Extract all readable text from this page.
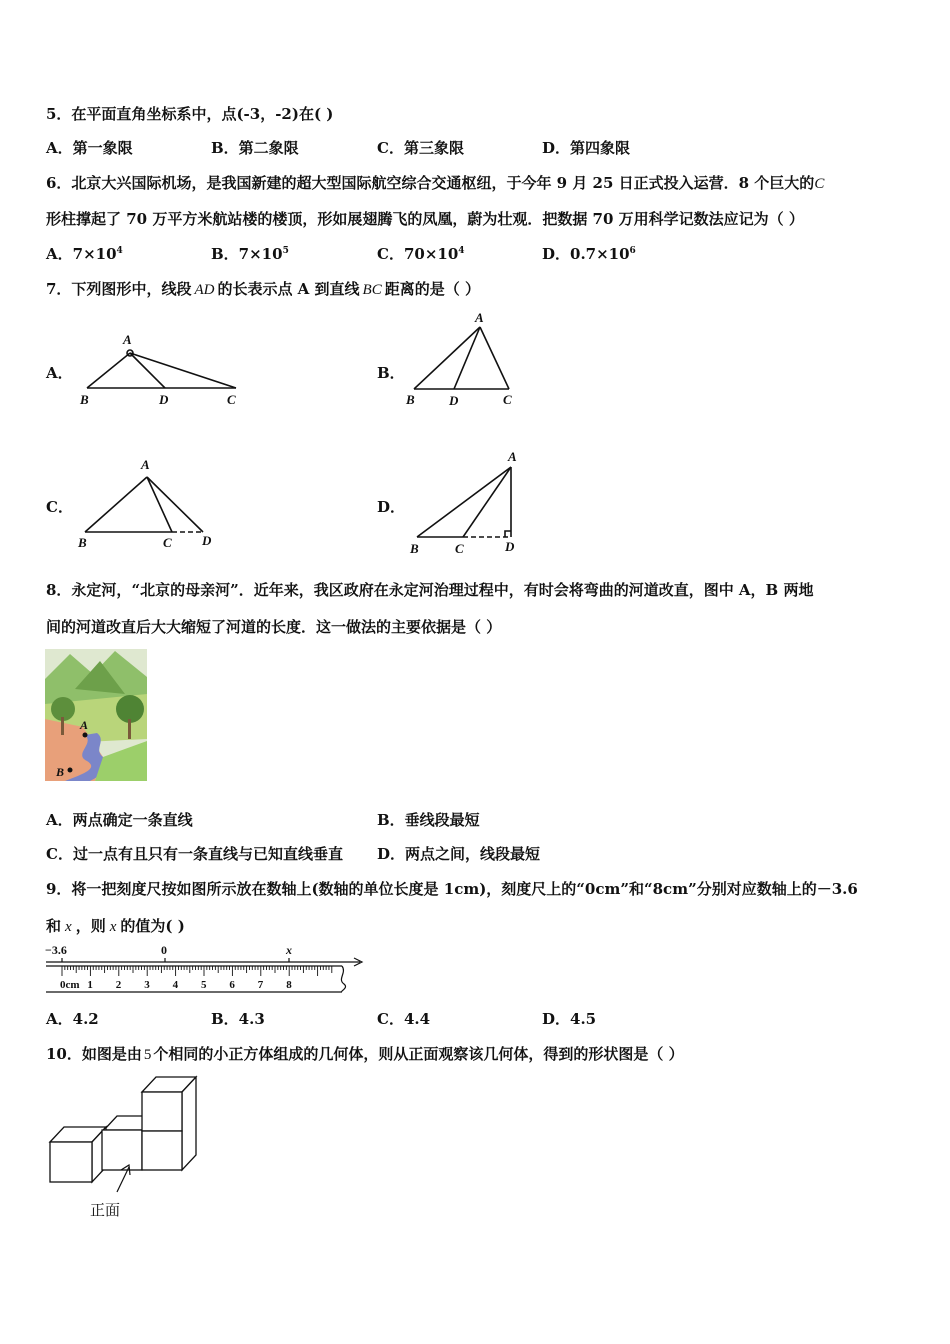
5．在平面直角坐标系中，点(-3，-2)在( )
A．第一象限	B．第二象限	C．第三象限	D．第四象限
6．北京大兴国际机场，是我国新建的超大型国际航空综合交通枢纽，于今年 9 月 25 日正式投入运营．8 个巨大的C
形柱撑起了 70 万平方米航站楼的楼顶，形如展翅腾飞的凤凰，蔚为壮观．把数据 70 万用科学记数法应记为（ ）
A．$7\times 10^4$	B．$7\times 10^5$	C．$70\times 10^4$	D．$0.7\times 10^6$
7．下列图形中，线段 AD 的长表示点 A 到直线 BC 距离的是（ ）
A．
A
B	D	C
B．
A
B	D	C
C．
A
B	C D
D．
A
B	C	D
8．永定河，“北京的母亲河”．近年来，我区政府在永定河治理过程中，有时会将弯曲的河道改直，图中 A，B 两地
间的河道改直后大大缩短了河道的长度．这一做法的主要依据是（ ）
A
B
A．两点确定一条直线	B．垂线段最短
C．过一点有且只有一条直线与已知直线垂直 D．两点之间，线段最短
9．将一把刻度尺按如图所示放在数轴上(数轴的单位长度是 1cm)，刻度尺上的“0cm”和“8cm”分别对应数轴上的－3.6
和 x ，则 x 的值为( )
−3.6	0	x
0cm 1 2 3 4 5 6 7 8
A．4.2	B．4.3	C．4.4	D．4.5
10．如图是由 5 个相同的小正方体组成的几何体，则从正面观察该几何体，得到的形状图是（ ）
正面
